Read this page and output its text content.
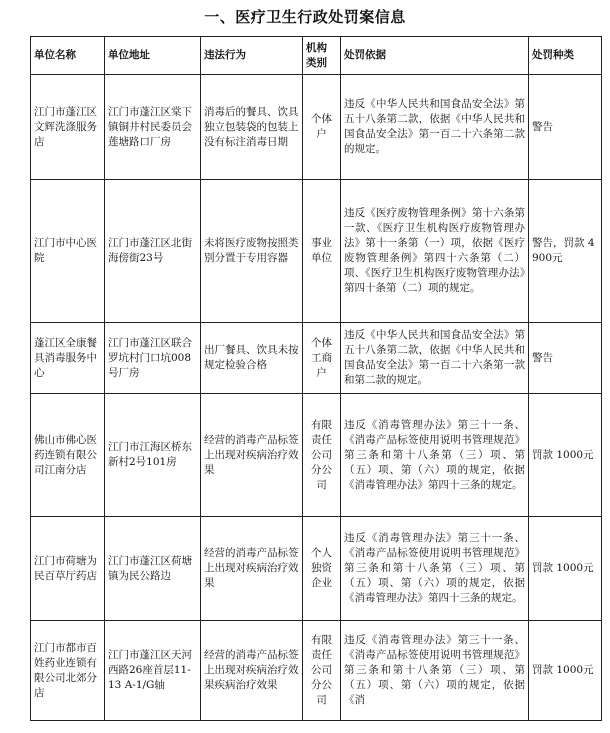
一、医疗卫生行政处罚案信息
单位名称	单位地址	违法行为	机构类别	处罚依据	处罚种类
江门市蓬江区文辉洗涤服务店	江门市蓬江区棠下镇铜井村民委员会莲塘路口厂房	消毒后的餐具、饮具独立包装袋的包装上没有标注消毒日期	个体户	违反《中华人民共和国食品安全法》第五十八条第二款，依据《中华人民共和国食品安全法》第一百二十六条第二款的规定。	警告
江门市中心医院	江门市蓬江区北街海傍街23号	未将医疗废物按照类别分置于专用容器	事业单位	违反《医疗废物管理条例》第十六条第一款、《医疗卫生机构医疗废物管理办法》第十一条第（一）项，依据《医疗废物管理条例》第四十六条第（二）项、《医疗卫生机构医疗废物管理办法》第四十条第（二）项的规定。	警告，罚款 4900元
蓬江区全康餐具消毒服务中心	江门市蓬江区联合罗坑村门口坑008号厂房	出厂餐具、饮具未按规定检验合格	个体工商户	违反《中华人民共和国食品安全法》第五十八条第二款，依据《中华人民共和国食品安全法》第一百二十六条第一款和第二款的规定。	警告
佛山市佛心医药连锁有限公司江南分店	江门市江海区桥东新村2号101房	经营的消毒产品标签上出现对疾病治疗效果	有限责任公司分公司	违反《消毒管理办法》第三十一条、《消毒产品标签使用说明书管理规范》第三条和第十八条第（三）项、第（五）项、第（六）项的规定，依据《消毒管理办法》第四十三条的规定。	罚款 1000元
江门市荷塘为民百草厅药店	江门市蓬江区荷塘镇为民公路边	经营的消毒产品标签上出现对疾病治疗效果	个人独资企业	违反《消毒管理办法》第三十一条、《消毒产品标签使用说明书管理规范》第三条和第十八条第（三）项、第（五）项、第（六）项的规定，依据《消毒管理办法》第四十三条的规定。	罚款 1000元
江门市都市百姓药业连锁有限公司北郊分店	江门市蓬江区天河西路26座首层11-13 A-1/G轴	经营的消毒产品标签上出现对疾病治疗效果疾病治疗效果	有限责任公司分公司	违反《消毒管理办法》第三十一条、《消毒产品标签使用说明书管理规范》第三条和第十八条第（三）项、第（五）项、第（六）项的规定，依据《消	罚款 1000元
